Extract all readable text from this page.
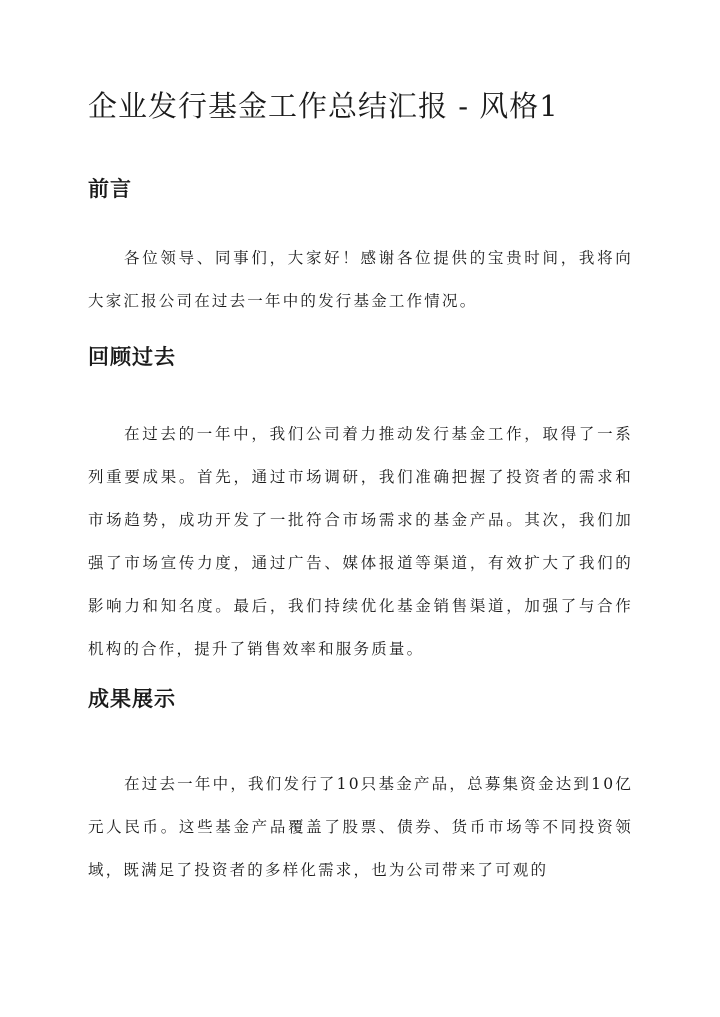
企业发行基金工作总结汇报 - 风格1
前言

各位领导、同事们，大家好！感谢各位提供的宝贵时间，我将向大家汇报公司在过去一年中的发行基金工作情况。

回顾过去

在过去的一年中，我们公司着力推动发行基金工作，取得了一系列重要成果。首先，通过市场调研，我们准确把握了投资者的需求和市场趋势，成功开发了一批符合市场需求的基金产品。其次，我们加强了市场宣传力度，通过广告、媒体报道等渠道，有效扩大了我们的影响力和知名度。最后，我们持续优化基金销售渠道，加强了与合作机构的合作，提升了销售效率和服务质量。

成果展示

在过去一年中，我们发行了10只基金产品，总募集资金达到10亿元人民币。这些基金产品覆盖了股票、债券、货币市场等不同投资领域，既满足了投资者的多样化需求，也为公司带来了可观的
